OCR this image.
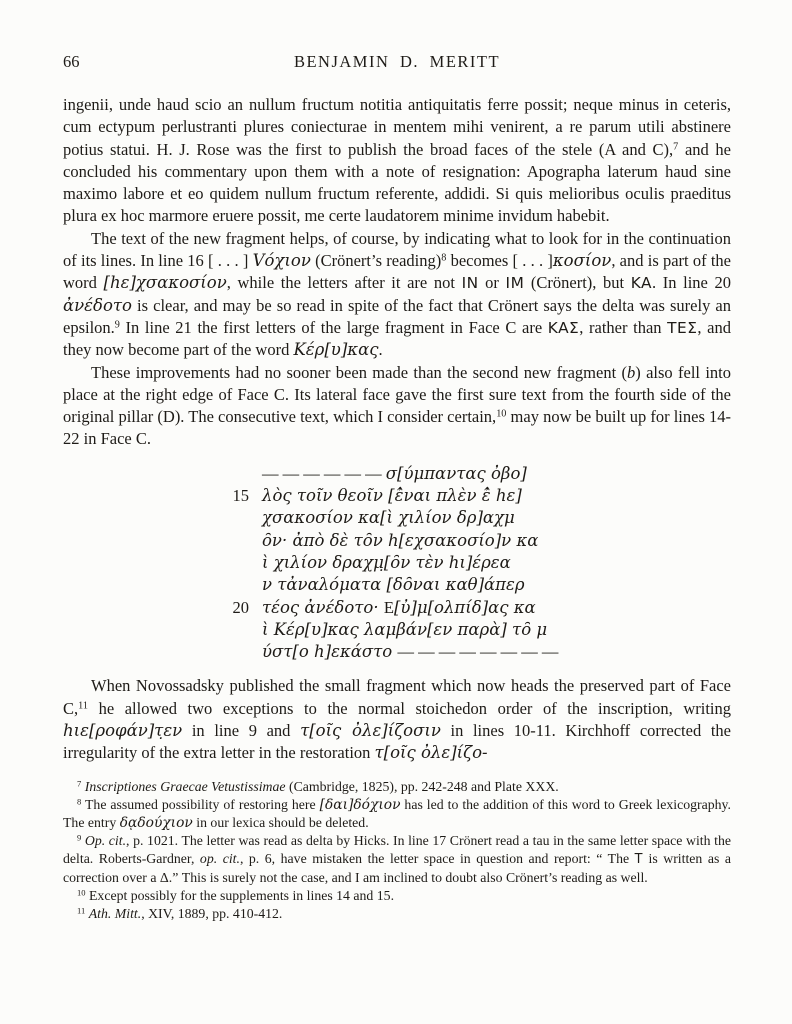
66	BENJAMIN D. MERITT

ingenii, unde haud scio an nullum fructum notitia antiquitatis ferre possit; neque minus in ceteris, cum ectypum perlustranti plures coniecturae in mentem mihi venirent, a re parum utili abstinere potius statui. H. J. Rose was the first to publish the broad faces of the stele (A and C),$^7$ and he concluded his commentary upon them with a note of resignation: Apographa laterum haud sine maximo labore et eo quidem nullum fructum referente, addidi. Si quis melioribus oculis praeditus plura ex hoc marmore eruere possit, me certe laudatorem minime invidum habebit.

The text of the new fragment helps, of course, by indicating what to look for in the continuation of its lines. In line 16 [ . . . ] Vόχιον (Crönert’s reading)$^8$ becomes [ . . . ]κοσίον, and is part of the word [hε]χσακοσίον, while the letters after it are not IN or IM (Crönert), but KA. In line 20 ἀνέδοτο is clear, and may be so read in spite of the fact that Crönert says the delta was surely an epsilon.$^9$ In line 21 the first letters of the large fragment in Face C are KAΣ, rather than ΤΕΣ, and they now become part of the word Κέρ[υ]κας.

These improvements had no sooner been made than the second new fragment (b) also fell into place at the right edge of Face C. Its lateral face gave the first sure text from the fourth side of the original pillar (D). The consecutive text, which I consider certain,$^{10}$ may now be built up for lines 14-22 in Face C.

— — — — — — σ[ύμπαντας ὀβο]
15 λὸς τοῖν θεοῖν [ἐ̑ναι πλὲν ἐ̑ hε]
χσακοσίον κα[ὶ χιλίον δρ]αχμ
ο̑ν· ἀπὸ δὲ το̑ν h[εχσακοσίο]ν κα
ὶ χιλίον δραχμ̣[ο̑ν τὲν hι]έρεα
ν τἀναλόματα [δο̑ναι καθ]άπερ
20 τέος ἀνέδοτο· Ε[ὐ]μ[ολπίδ]ας κα
ὶ Κέρ[υ]κας λαμβάν[εν παρὰ] το̑ μ
ύστ[ο h]εκάστο — — — — — — — —

When Novossadsky published the small fragment which now heads the preserved part of Face C,$^{11}$ he allowed two exceptions to the normal stoichedon order of the inscription, writing hιε[ροφάν]τ̣εν in line 9 and τ[οῖς ὀλε]ίζοσιν in lines 10-11. Kirchhoff corrected the irregularity of the extra letter in the restoration τ[οῖς ὀλε]ίζο-

$^7$ Inscriptiones Graecae Vetustissimae (Cambridge, 1825), pp. 242-248 and Plate XXX.

$^8$ The assumed possibility of restoring here [δαι]δόχιον has led to the addition of this word to Greek lexicography. The entry δᾳδούχιον in our lexica should be deleted.

$^9$ Op. cit., p. 1021. The letter was read as delta by Hicks. In line 17 Crönert read a tau in the same letter space with the delta. Roberts-Gardner, op. cit., p. 6, have mistaken the letter space in question and report: “ The T is written as a correction over a Δ.” This is surely not the case, and I am inclined to doubt also Crönert’s reading as well.

$^{10}$ Except possibly for the supplements in lines 14 and 15.

$^{11}$ Ath. Mitt., XIV, 1889, pp. 410-412.
